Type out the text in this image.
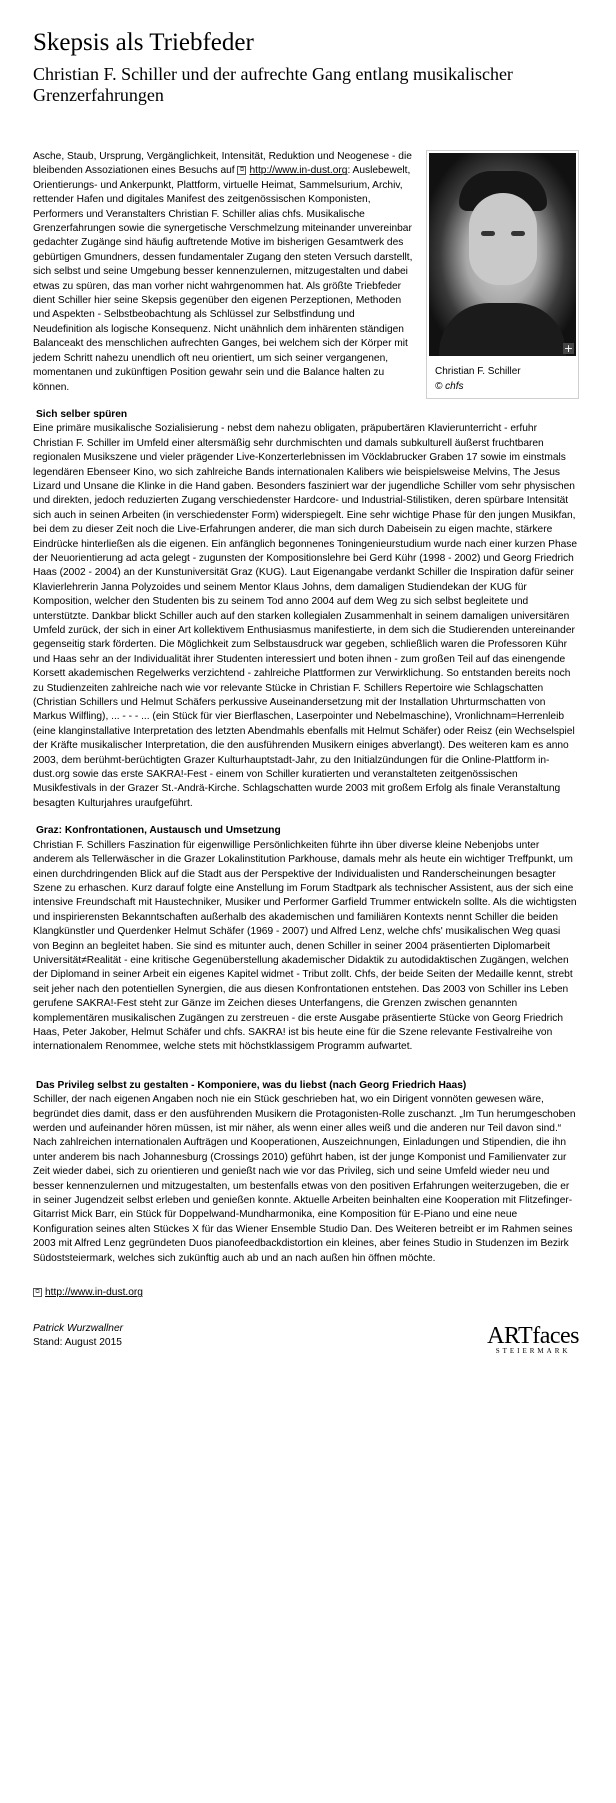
Skepsis als Triebfeder
Christian F. Schiller und der aufrechte Gang entlang musikalischer Grenzerfahrungen
+
Christian F. Schiller
© chfs

Asche, Staub, Ursprung, Vergänglichkeit, Intensität, Reduktion und Neogenese - die bleibenden Assoziationen eines Besuchs auf ⧉ http://www.in-dust.org: Auslebewelt, Orientierungs- und Ankerpunkt, Plattform, virtuelle Heimat, Sammelsurium, Archiv, rettender Hafen und digitales Manifest des zeitgenössischen Komponisten, Performers und Veranstalters Christian F. Schiller alias chfs. Musikalische Grenzerfahrungen sowie die synergetische Verschmelzung miteinander unvereinbar gedachter Zugänge sind häufig auftretende Motive im bisherigen Gesamtwerk des gebürtigen Gmundners, dessen fundamentaler Zugang den steten Versuch darstellt, sich selbst und seine Umgebung besser kennenzulernen, mitzugestalten und dabei etwas zu spüren, das man vorher nicht wahrgenommen hat. Als größte Triebfeder dient Schiller hier seine Skepsis gegenüber den eigenen Perzeptionen, Methoden und Aspekten - Selbstbeobachtung als Schlüssel zur Selbstfindung und Neudefinition als logische Konsequenz. Nicht unähnlich dem inhärenten ständigen Balanceakt des menschlichen aufrechten Ganges, bei welchem sich der Körper mit jedem Schritt nahezu unendlich oft neu orientiert, um sich seiner vergangenen, momentanen und zukünftigen Position gewahr sein und die Balance halten zu können.

Sich selber spüren

Eine primäre musikalische Sozialisierung - nebst dem nahezu obligaten, präpubertären Klavierunterricht - erfuhr Christian F. Schiller im Umfeld einer altersmäßig sehr durchmischten und damals subkulturell äußerst fruchtbaren regionalen Musikszene und vieler prägender Live-Konzerterlebnissen im Vöcklabrucker Graben 17 sowie im einstmals legendären Ebenseer Kino, wo sich zahlreiche Bands internationalen Kalibers wie beispielsweise Melvins, The Jesus Lizard und Unsane die Klinke in die Hand gaben. Besonders fasziniert war der jugendliche Schiller vom sehr physischen und direkten, jedoch reduzierten Zugang verschiedenster Hardcore- und Industrial-Stilistiken, deren spürbare Intensität sich auch in seinen Arbeiten (in verschiedenster Form) widerspiegelt. Eine sehr wichtige Phase für den jungen Musikfan, bei dem zu dieser Zeit noch die Live-Erfahrungen anderer, die man sich durch Dabeisein zu eigen machte, stärkere Eindrücke hinterließen als die eigenen. Ein anfänglich begonnenes Toningenieurstudium wurde nach einer kurzen Phase der Neuorientierung ad acta gelegt - zugunsten der Kompositionslehre bei Gerd Kühr (1998 - 2002) und Georg Friedrich Haas (2002 - 2004) an der Kunstuniversität Graz (KUG). Laut Eigenangabe verdankt Schiller die Inspiration dafür seiner Klavierlehrerin Janna Polyzoides und seinem Mentor Klaus Johns, dem damaligen Studiendekan der KUG für Komposition, welcher den Studenten bis zu seinem Tod anno 2004 auf dem Weg zu sich selbst begleitete und unterstützte. Dankbar blickt Schiller auch auf den starken kollegialen Zusammenhalt in seinem damaligen universitären Umfeld zurück, der sich in einer Art kollektivem Enthusiasmus manifestierte, in dem sich die Studierenden untereinander gegenseitig stark förderten. Die Möglichkeit zum Selbstausdruck war gegeben, schließlich waren die Professoren Kühr und Haas sehr an der Individualität ihrer Studenten interessiert und boten ihnen - zum großen Teil auf das einengende Korsett akademischen Regelwerks verzichtend - zahlreiche Plattformen zur Verwirklichung. So entstanden bereits noch zu Studienzeiten zahlreiche nach wie vor relevante Stücke in Christian F. Schillers Repertoire wie Schlagschatten (Christian Schillers und Helmut Schäfers perkussive Auseinandersetzung mit der Installation Uhrturmschatten von Markus Wilfling), ... - - - ... (ein Stück für vier Bierflaschen, Laserpointer und Nebelmaschine), Vronlichnam=Herrenleib (eine klanginstallative Interpretation des letzten Abendmahls ebenfalls mit Helmut Schäfer) oder Reisz (ein Wechselspiel der Kräfte musikalischer Interpretation, die den ausführenden Musikern einiges abverlangt). Des weiteren kam es anno 2003, dem berühmt-berüchtigten Grazer Kulturhauptstadt-Jahr, zu den Initialzündungen für die Online-Plattform in-dust.org sowie das erste SAKRA!-Fest - einem von Schiller kuratierten und veranstalteten zeitgenössischen Musikfestivals in der Grazer St.-Andrä-Kirche. Schlagschatten wurde 2003 mit großem Erfolg als finale Veranstaltung besagten Kulturjahres uraufgeführt.

Graz: Konfrontationen, Austausch und Umsetzung

Christian F. Schillers Faszination für eigenwillige Persönlichkeiten führte ihn über diverse kleine Nebenjobs unter anderem als Tellerwäscher in die Grazer Lokalinstitution Parkhouse, damals mehr als heute ein wichtiger Treffpunkt, um einen durchdringenden Blick auf die Stadt aus der Perspektive der Individualisten und Randerscheinungen besagter Szene zu erhaschen. Kurz darauf folgte eine Anstellung im Forum Stadtpark als technischer Assistent, aus der sich eine intensive Freundschaft mit Haustechniker, Musiker und Performer Garfield Trummer entwickeln sollte. Als die wichtigsten und inspirierensten Bekanntschaften außerhalb des akademischen und familiären Kontexts nennt Schiller die beiden Klangkünstler und Querdenker Helmut Schäfer (1969 - 2007) und Alfred Lenz, welche chfs' musikalischen Weg quasi von Beginn an begleitet haben. Sie sind es mitunter auch, denen Schiller in seiner 2004 präsentierten Diplomarbeit Universität≠Realität - eine kritische Gegenüberstellung akademischer Didaktik zu autodidaktischen Zugängen, welchen der Diplomand in seiner Arbeit ein eigenes Kapitel widmet - Tribut zollt. Chfs, der beide Seiten der Medaille kennt, strebt seit jeher nach den potentiellen Synergien, die aus diesen Konfrontationen entstehen. Das 2003 von Schiller ins Leben gerufene SAKRA!-Fest steht zur Gänze im Zeichen dieses Unterfangens, die Grenzen zwischen genannten komplementären musikalischen Zugängen zu zerstreuen - die erste Ausgabe präsentierte Stücke von Georg Friedrich Haas, Peter Jakober, Helmut Schäfer und chfs. SAKRA! ist bis heute eine für die Szene relevante Festivalreihe von internationalem Renommee, welche stets mit höchstklassigem Programm aufwartet.

Das Privileg selbst zu gestalten - Komponiere, was du liebst (nach Georg Friedrich Haas)

Schiller, der nach eigenen Angaben noch nie ein Stück geschrieben hat, wo ein Dirigent vonnöten gewesen wäre, begründet dies damit, dass er den ausführenden Musikern die Protagonisten-Rolle zuschanzt. „Im Tun herumgeschoben werden und aufeinander hören müssen, ist mir näher, als wenn einer alles weiß und die anderen nur Teil davon sind.“ Nach zahlreichen internationalen Aufträgen und Kooperationen, Auszeichnungen, Einladungen und Stipendien, die ihn unter anderem bis nach Johannesburg (Crossings 2010) geführt haben, ist der junge Komponist und Familienvater zur Zeit wieder dabei, sich zu orientieren und genießt nach wie vor das Privileg, sich und seine Umfeld wieder neu und besser kennenzulernen und mitzugestalten, um bestenfalls etwas von den positiven Erfahrungen weiterzugeben, die er in seiner Jugendzeit selbst erleben und genießen konnte. Aktuelle Arbeiten beinhalten eine Kooperation mit Flitzefinger-Gitarrist Mick Barr, ein Stück für Doppelwand-Mundharmonika, eine Komposition für E-Piano und eine neue Konfiguration seines alten Stückes X für das Wiener Ensemble Studio Dan. Des Weiteren betreibt er im Rahmen seines 2003 mit Alfred Lenz gegründeten Duos pianofeedbackdistortion ein kleines, aber feines Studio in Studenzen im Bezirk Südoststeiermark, welches sich zukünftig auch ab und an nach außen hin öffnen möchte.

⧉ http://www.in-dust.org

Patrick Wurzwallner
Stand: August 2015	ARTfaces
STEIERMARK
